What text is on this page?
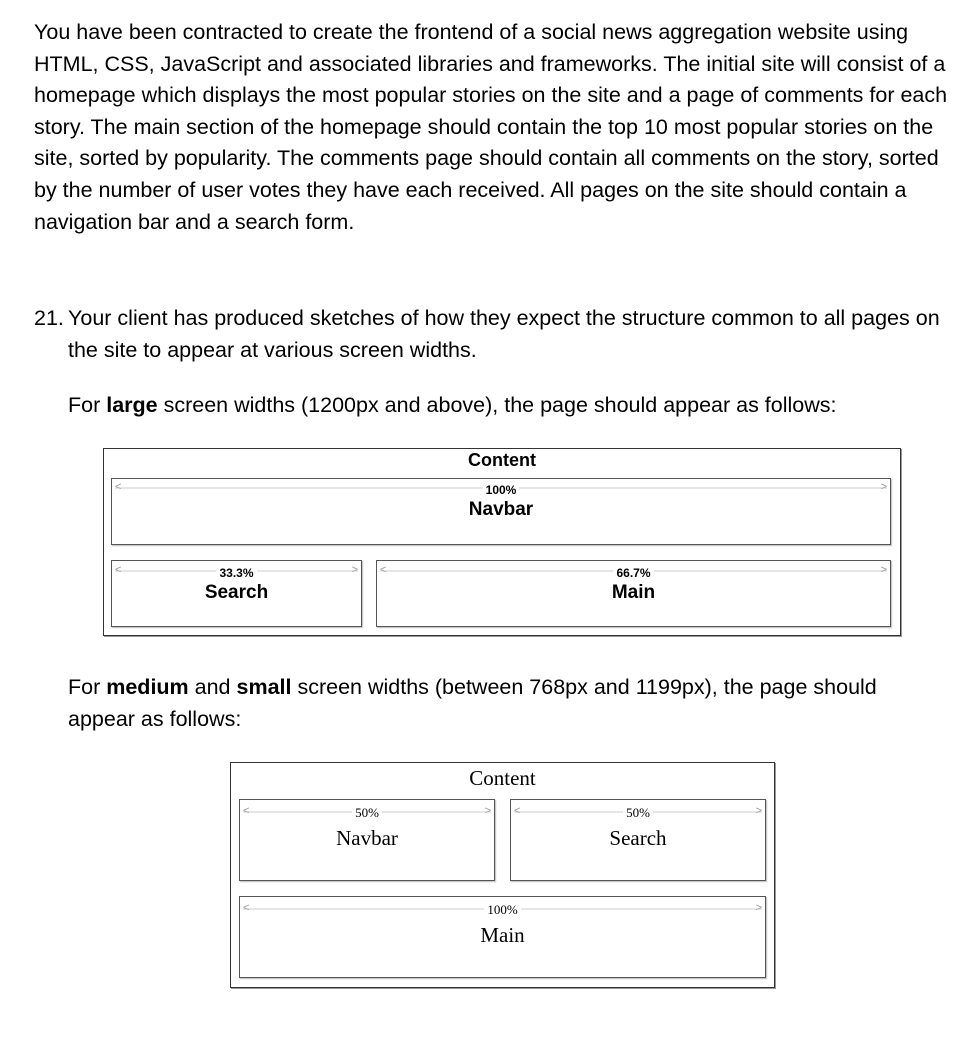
You have been contracted to create the frontend of a social news aggregation website using HTML, CSS, JavaScript and associated libraries and frameworks. The initial site will consist of a homepage which displays the most popular stories on the site and a page of comments for each story. The main section of the homepage should contain the top 10 most popular stories on the site, sorted by popularity. The comments page should contain all comments on the story, sorted by the number of user votes they have each received. All pages on the site should contain a navigation bar and a search form.

21. Your client has produced sketches of how they expect the structure common to all pages on the site to appear at various screen widths.

For large screen widths (1200px and above), the page should appear as follows:

Content
<	>
100%
Navbar
<	>
33.3%
Search
<	>
66.7%
Main

For medium and small screen widths (between 768px and 1199px), the page should appear as follows:

Content
<	>
50%
Navbar
<	>
50%
Search
<	>
100%
Main
